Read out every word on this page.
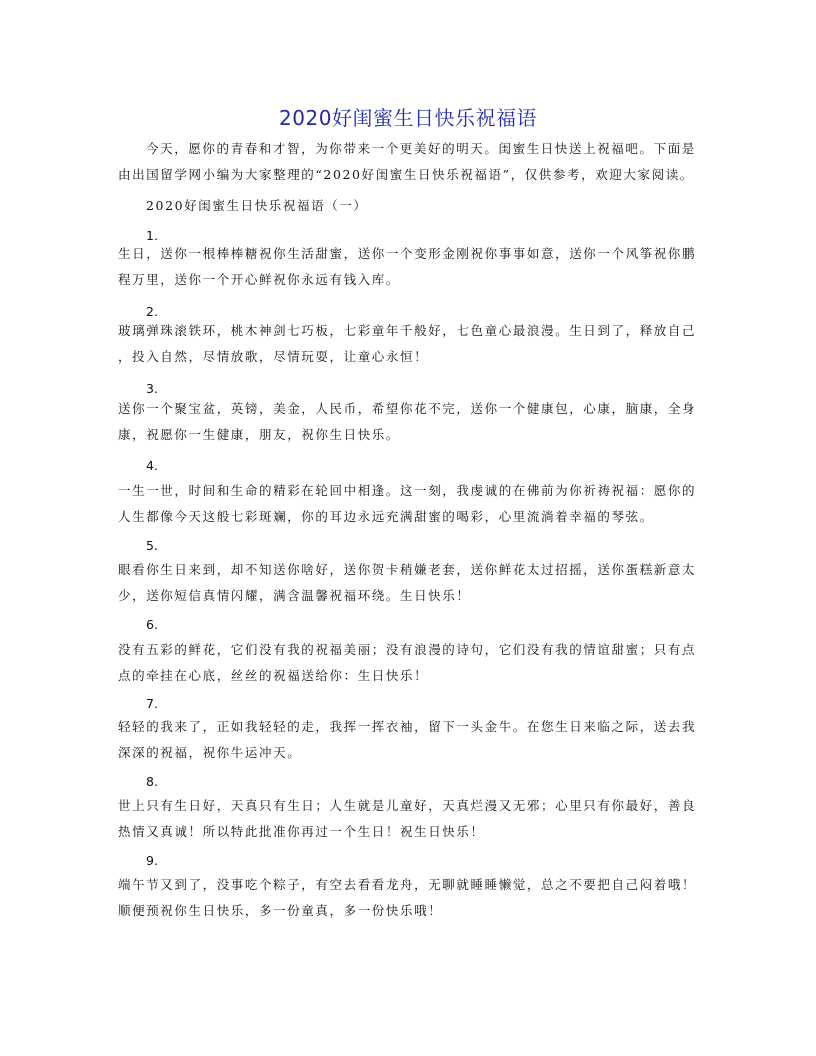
2020好闺蜜生日快乐祝福语
今天，愿你的青春和才智，为你带来一个更美好的明天。闺蜜生日快送上祝福吧。下面是
由出国留学网小编为大家整理的“2020好闺蜜生日快乐祝福语”，仅供参考，欢迎大家阅读。
2020好闺蜜生日快乐祝福语（一）
1.
生日，送你一根棒棒糖祝你生活甜蜜，送你一个变形金刚祝你事事如意，送你一个风筝祝你鹏
程万里，送你一个开心鲜祝你永远有钱入库。
2.
玻璃弹珠滚铁环，桃木神剑七巧板，七彩童年千般好，七色童心最浪漫。生日到了，释放自己
，投入自然，尽情放歌，尽情玩耍，让童心永恒！
3.
送你一个聚宝盆，英镑，美金，人民币，希望你花不完，送你一个健康包，心康，脑康，全身
康，祝愿你一生健康，朋友，祝你生日快乐。
4.
一生一世，时间和生命的精彩在轮回中相逢。这一刻，我虔诚的在佛前为你祈祷祝福：愿你的
人生都像今天这般七彩斑斓，你的耳边永远充满甜蜜的喝彩，心里流淌着幸福的琴弦。
5.
眼看你生日来到，却不知送你啥好，送你贺卡稍嫌老套，送你鲜花太过招摇，送你蛋糕新意太
少，送你短信真情闪耀，满含温馨祝福环绕。生日快乐！
6.
没有五彩的鲜花，它们没有我的祝福美丽；没有浪漫的诗句，它们没有我的情谊甜蜜；只有点
点的牵挂在心底，丝丝的祝福送给你：生日快乐！
7.
轻轻的我来了，正如我轻轻的走，我挥一挥衣袖，留下一头金牛。在您生日来临之际，送去我
深深的祝福，祝你牛运冲天。
8.
世上只有生日好，天真只有生日；人生就是儿童好，天真烂漫又无邪；心里只有你最好，善良
热情又真诚！所以特此批准你再过一个生日！祝生日快乐！
9.
端午节又到了，没事吃个粽子，有空去看看龙舟，无聊就睡睡懒觉，总之不要把自己闷着哦！
顺便预祝你生日快乐，多一份童真，多一份快乐哦！
